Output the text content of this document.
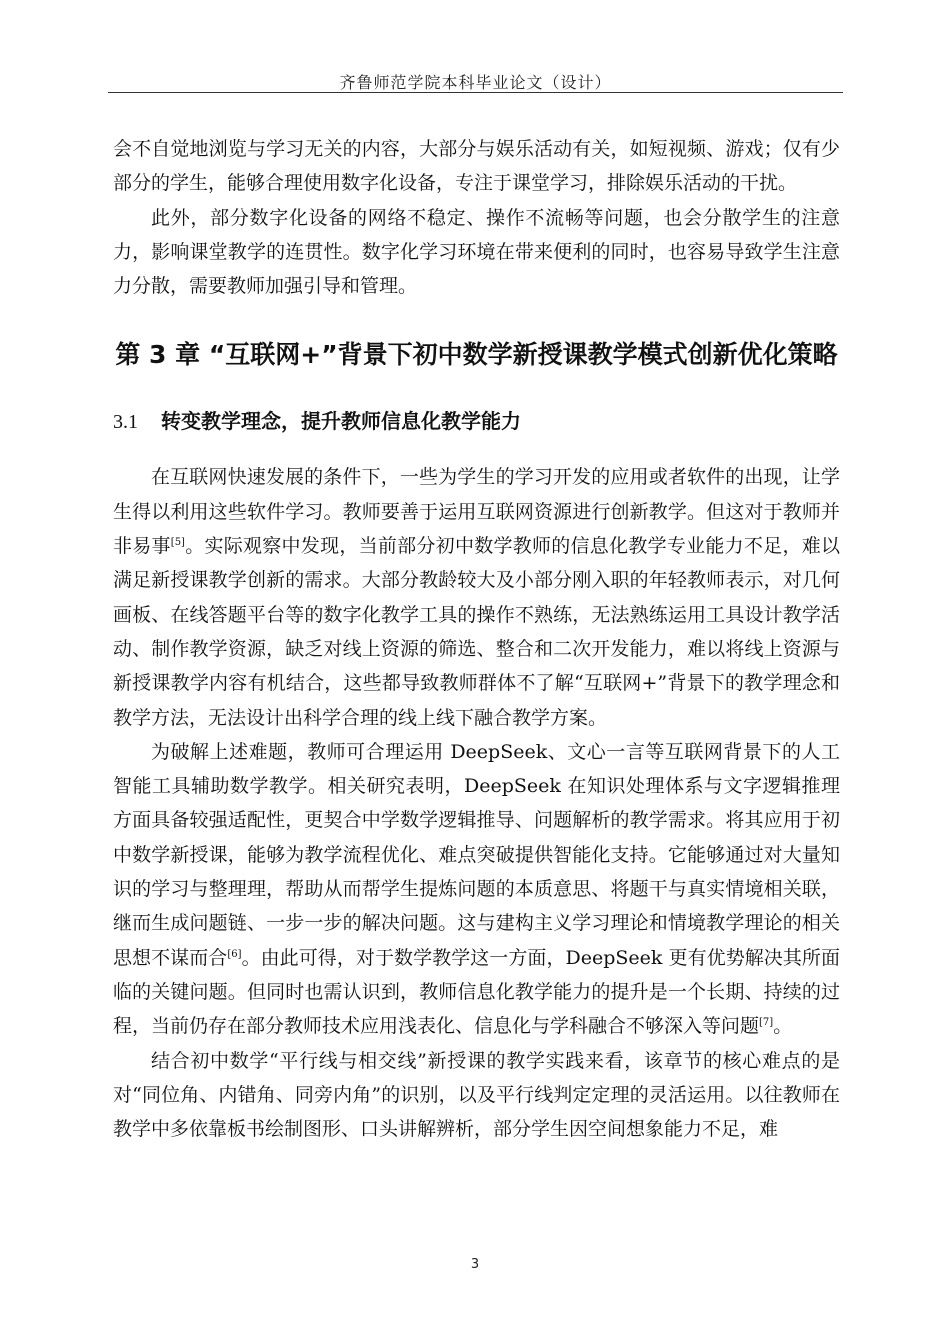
齐鲁师范学院本科毕业论文（设计）

会不自觉地浏览与学习无关的内容，大部分与娱乐活动有关，如短视频、游戏；仅有少部分的学生，能够合理使用数字化设备，专注于课堂学习，排除娱乐活动的干扰。

此外，部分数字化设备的网络不稳定、操作不流畅等问题，也会分散学生的注意力，影响课堂教学的连贯性。数字化学习环境在带来便利的同时，也容易导致学生注意力分散，需要教师加强引导和管理。

第 3 章 “互联网+”背景下初中数学新授课教学模式创新优化策略
3.1 转变教学理念，提升教师信息化教学能力

在互联网快速发展的条件下，一些为学生的学习开发的应用或者软件的出现，让学生得以利用这些软件学习。教师要善于运用互联网资源进行创新教学。但这对于教师并非易事[5]。实际观察中发现，当前部分初中数学教师的信息化教学专业能力不足，难以满足新授课教学创新的需求。大部分教龄较大及小部分刚入职的年轻教师表示，对几何画板、在线答题平台等的数字化教学工具的操作不熟练，无法熟练运用工具设计教学活动、制作教学资源，缺乏对线上资源的筛选、整合和二次开发能力，难以将线上资源与新授课教学内容有机结合，这些都导致教师群体不了解“互联网+”背景下的教学理念和教学方法，无法设计出科学合理的线上线下融合教学方案。

为破解上述难题，教师可合理运用 DeepSeek、文心一言等互联网背景下的人工智能工具辅助数学教学。相关研究表明，DeepSeek 在知识处理体系与文字逻辑推理方面具备较强适配性，更契合中学数学逻辑推导、问题解析的教学需求。将其应用于初中数学新授课，能够为教学流程优化、难点突破提供智能化支持。它能够通过对大量知识的学习与整理理，帮助从而帮学生提炼问题的本质意思、将题干与真实情境相关联，继而生成问题链、一步一步的解决问题。这与建构主义学习理论和情境教学理论的相关思想不谋而合[6]。由此可得，对于数学教学这一方面，DeepSeek 更有优势解决其所面临的关键问题。但同时也需认识到，教师信息化教学能力的提升是一个长期、持续的过程，当前仍存在部分教师技术应用浅表化、信息化与学科融合不够深入等问题[7]。

结合初中数学“平行线与相交线”新授课的教学实践来看，该章节的核心难点的是对“同位角、内错角、同旁内角”的识别，以及平行线判定定理的灵活运用。以往教师在教学中多依靠板书绘制图形、口头讲解辨析，部分学生因空间想象能力不足，难

3
